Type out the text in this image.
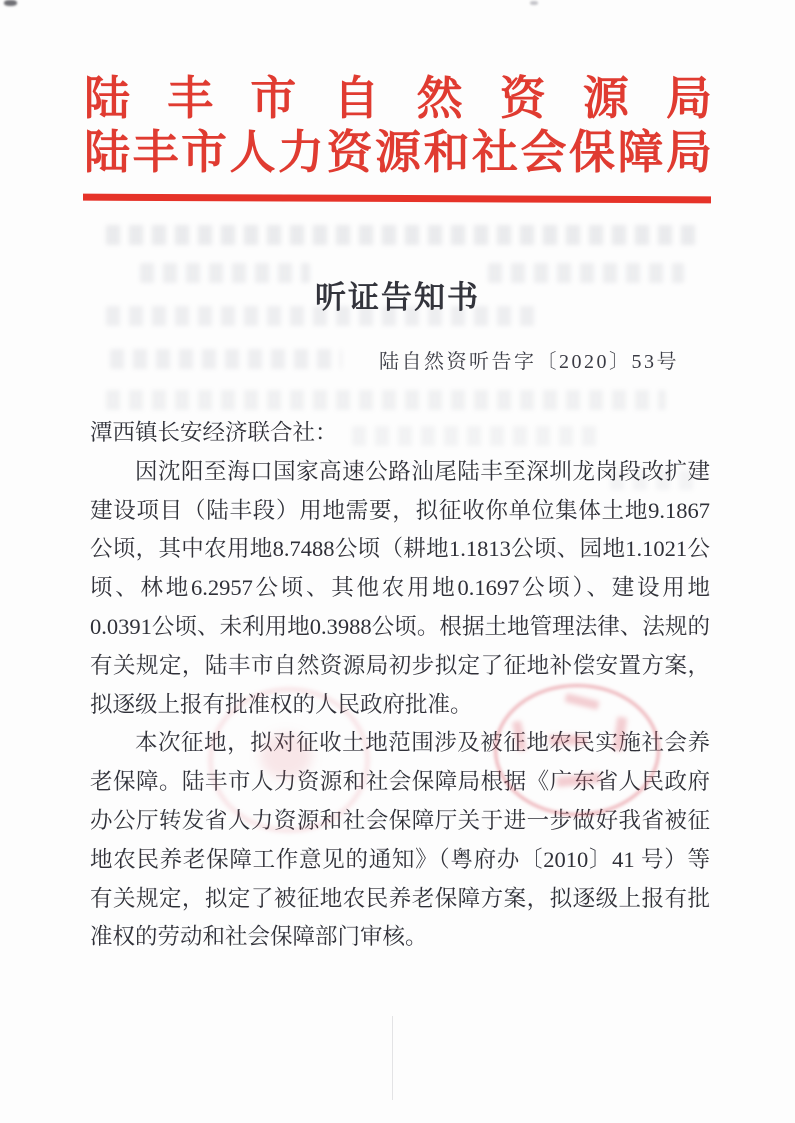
陆丰市自然资源局
陆丰市人力资源和社会保障局
听证告知书
陆自然资听告字〔2020〕53号
潭西镇长安经济联合社：

因沈阳至海口国家高速公路汕尾陆丰至深圳龙岗段改扩建建设项目（陆丰段）用地需要，拟征收你单位集体土地9.1867公顷，其中农用地8.7488公顷（耕地1.1813公顷、园地1.1021公顷、林地6.2957公顷、其他农用地0.1697公顷）、建设用地0.0391公顷、未利用地0.3988公顷。根据土地管理法律、法规的有关规定，陆丰市自然资源局初步拟定了征地补偿安置方案，拟逐级上报有批准权的人民政府批准。

本次征地，拟对征收土地范围涉及被征地农民实施社会养老保障。陆丰市人力资源和社会保障局根据《广东省人民政府办公厅转发省人力资源和社会保障厅关于进一步做好我省被征地农民养老保障工作意见的通知》（粤府办〔2010〕41 号）等有关规定，拟定了被征地农民养老保障方案，拟逐级上报有批准权的劳动和社会保障部门审核。
